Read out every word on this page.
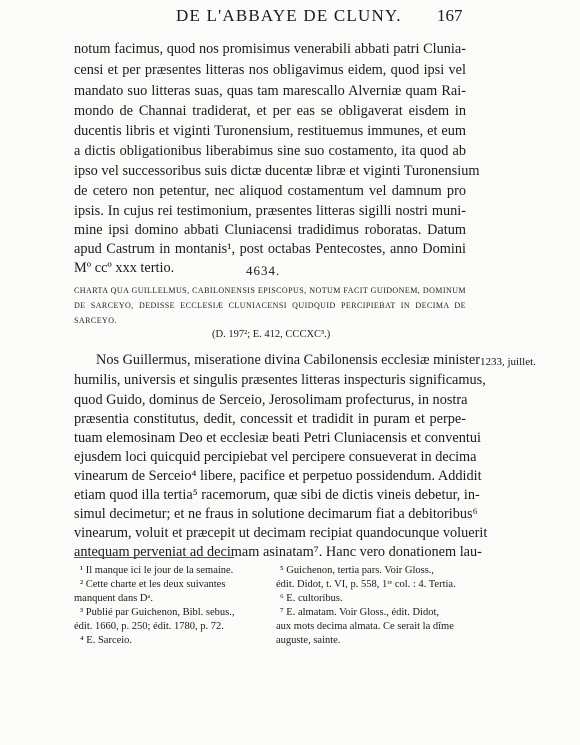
DE L'ABBAYE DE CLUNY. 167
notum facimus, quod nos promisimus venerabili abbati patri Clunia-
censi et per præsentes litteras nos obligavimus eidem, quod ipsi vel
mandato suo litteras suas, quas tam marescallo Alverniæ quam Rai-
mondo de Channai tradiderat, et per eas se obligaverat eisdem in
ducentis libris et viginti Turonensium, restituemus immunes, et eum
a dictis obligationibus liberabimus sine suo costamento, ita quod ab
ipso vel successoribus suis dictæ ducentæ libræ et viginti Turonensium
de cetero non petentur, nec aliquod costamentum vel damnum pro
ipsis. In cujus rei testimonium, præsentes litteras sigilli nostri muni-
mine ipsi domino abbati Cluniacensi tradidimus roboratas. Datum
apud Castrum in montanis¹, post octabas Pentecostes, anno Domini
Mº ccº xxx tertio.	4634.
CHARTA QUA GUILLELMUS, CABILONENSIS EPISCOPUS, NOTUM FACIT GUIDONEM, DOMINUM
DE SARCEYO, DEDISSE ECCLESIÆ CLUNIACENSI QUIDQUID PERCIPIEBAT IN DECIMA DE
SARCEYO.
(D. 197²; E. 412, CCCXC³.)
1233, juillet.
Nos Guillermus, miseratione divina Cabilonensis ecclesiæ minister
humilis, universis et singulis præsentes litteras inspecturis significamus,
quod Guido, dominus de Serceio, Jerosolimam profecturus, in nostra
præsentia constitutus, dedit, concessit et tradidit in puram et perpe-
tuam elemosinam Deo et ecclesiæ beati Petri Cluniacensis et conventui
ejusdem loci quicquid percipiebat vel percipere consueverat in decima
vinearum de Serceio⁴ libere, pacifice et perpetuo possidendum. Addidit
etiam quod illa tertia⁵ racemorum, quæ sibi de dictis vineis debetur, in-
simul decimetur; et ne fraus in solutione decimarum fiat a debitoribus⁶
vinearum, voluit et præcepit ut decimam recipiat quandocunque voluerit
antequam perveniat ad decimam asinatam⁷. Hanc vero donationem lau-
¹ Il manque ici le jour de la semaine.
² Cette charte et les deux suivantes
manquent dans Dᵃ.
³ Publié par Guichenon, Bibl. sebus.,
édit. 1660, p. 250; édit. 1780, p. 72.
⁴ E. Sarceio.
⁵ Guichenon, tertia pars. Voir Gloss.,
édit. Didot, t. VI, p. 558, 1ʳᵉ col. : 4. Tertia.
⁶ E. cultoribus.
⁷ E. almatam. Voir Gloss., édit. Didot,
aux mots decima almata. Ce serait la dîme
auguste, sainte.
